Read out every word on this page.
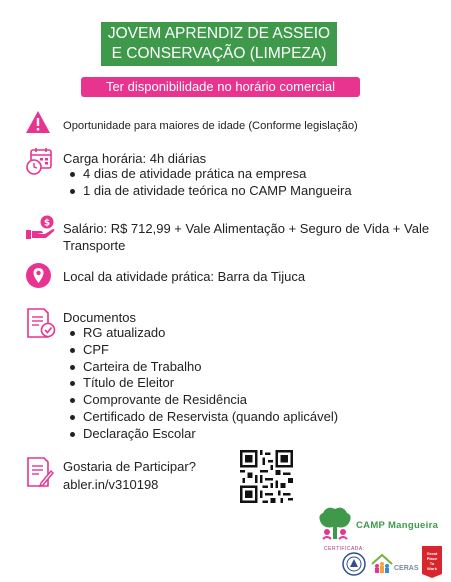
JOVEM APRENDIZ DE ASSEIO
E CONSERVAÇÃO (LIMPEZA)
Ter disponibilidade no horário comercial
Oportunidade para maiores de idade (Conforme legislação)
Carga horária: 4h diárias
4 dias de atividade prática na empresa
1 dia de atividade teórica no CAMP Mangueira
$ Salário: R$ 712,99 + Vale Alimentação + Seguro de Vida + Vale
Transporte
Local da atividade prática: Barra da Tijuca
Documentos
RG atualizado
CPF
Carteira de Trabalho
Título de Eleitor
Comprovante de Residência
Certificado de Reservista (quando aplicável)
Declaração Escolar
Gostaria de Participar?
abler.in/v310198
CAMP Mangueira
CERTIFICADA:
CERAS
Great
Place
To
Work
